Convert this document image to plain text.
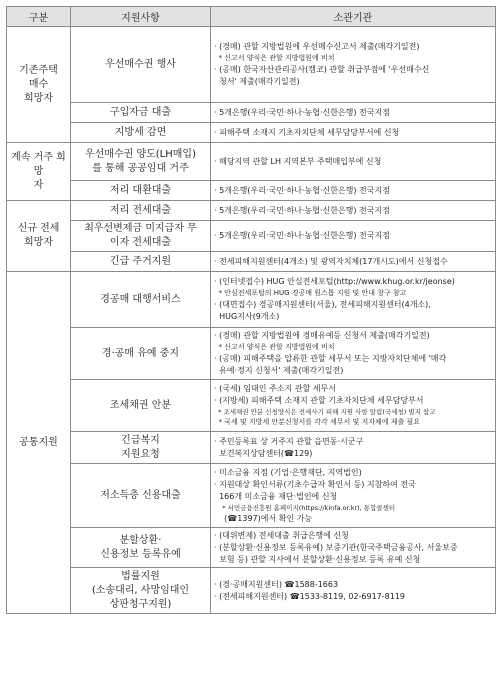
구분	지원사항	소관기관
기존주택
매수
희망자	우선매수권 행사	· (경매) 관할 지방법원에 우선매수신고서 제출(매각기일전)
* 신고서 양식은 관할 지방법원에 비치
· (공매) 한국자산관리공사(캠코) 관할 취급부점에 '우선매수신
청서' 제출(매각기일전)

	구입자금 대출	· 5개은행(우리·국민·하나·농협·신한은행) 전국지점

	지방세 감면	· 피해주택 소재지 기초자치단체 세무담당부서에 신청

계속 거주 희망
자	우선매수권 양도(LH매입)
를 통해 공공임대 거주	· 해당지역 관할 LH 지역본부 주택매입부에 신청

	저리 대환대출	· 5개은행(우리·국민·하나·농협·신한은행) 전국지점

신규 전세
희망자	저리 전세대출	· 5개은행(우리·국민·하나·농협·신한은행) 전국지점

	최우선변제금 미지급자 무
이자 전세대출	· 5개은행(우리·국민·하나·농협·신한은행) 전국지점

	긴급 주거지원	· 전세피해지원센터(4개소) 및 광역자치체(17개시도)에서 신청접수

공통지원	경공매 대행서비스	· (인터넷접수) HUG 안심전세포털(http://www.khug.or.kr/jeonse)
* 안심전세포털의 HUG 경공매 원스톱 지원 및 안내 창구 참고
· (대면접수) 경공매지원센터(서울), 전세피해지원센터(4개소),
HUG지사(9개소)

	경·공매 유예 중지	· (경매) 관할 지방법원에 경매유예등 신청서 제출(매각기일전)
* 신고서 양식은 관할 지방법원에 비치
· (공매) 피해주택을 압류한 관할 세무서 또는 지방자치단체에 '매각
유예·정지 신청서' 제출(매각기일전)

	조세채권 안분	· (국세) 임대인 주소지 관할 세무서
· (지방세) 피해주택 소재지 관할 기초자치단체 세무담당부서
* 조세채권 안분 신청양식은 전세사기 피해 지원 사항 알림(국세청) 별지 참고
* 국세 및 지방세 안분신청서를 각각 세무서 및 지자체에 제출 필요

	긴급복지
지원요청	· 주민등록표 상 거주지 관할 읍면동·시군구
보건복지상담센터(☎129)

	저소득층 신용대출	· 미소금융 지점 (기업·은행재단, 지역법인)
· 지원대상 확인서류(기초수급자 확인서 등) 지참하여 전국
166개 미소금융 재단·법인에 신청
* 서민금융진흥원 홈페이지(https://kinfa.or.kr), 통합콜센터
(☎1397)에서 확인 가능

	분할상환·
신용정보 등록유예	· (대위변제) 전세대출 취급은행에 신청
· (분할상환·신용정보 등록유예) 보증기관(한국주택금융공사, 서울보증
보험 등) 관할 지사에서 분할상환·신용정보 등록 유예 신청

	법률지원
(소송대리, 사망임대인
상판청구지원)	· (경·공매지원센터) ☎1588-1663
· (전세피해지원센터) ☎1533-8119, 02-6917-8119
